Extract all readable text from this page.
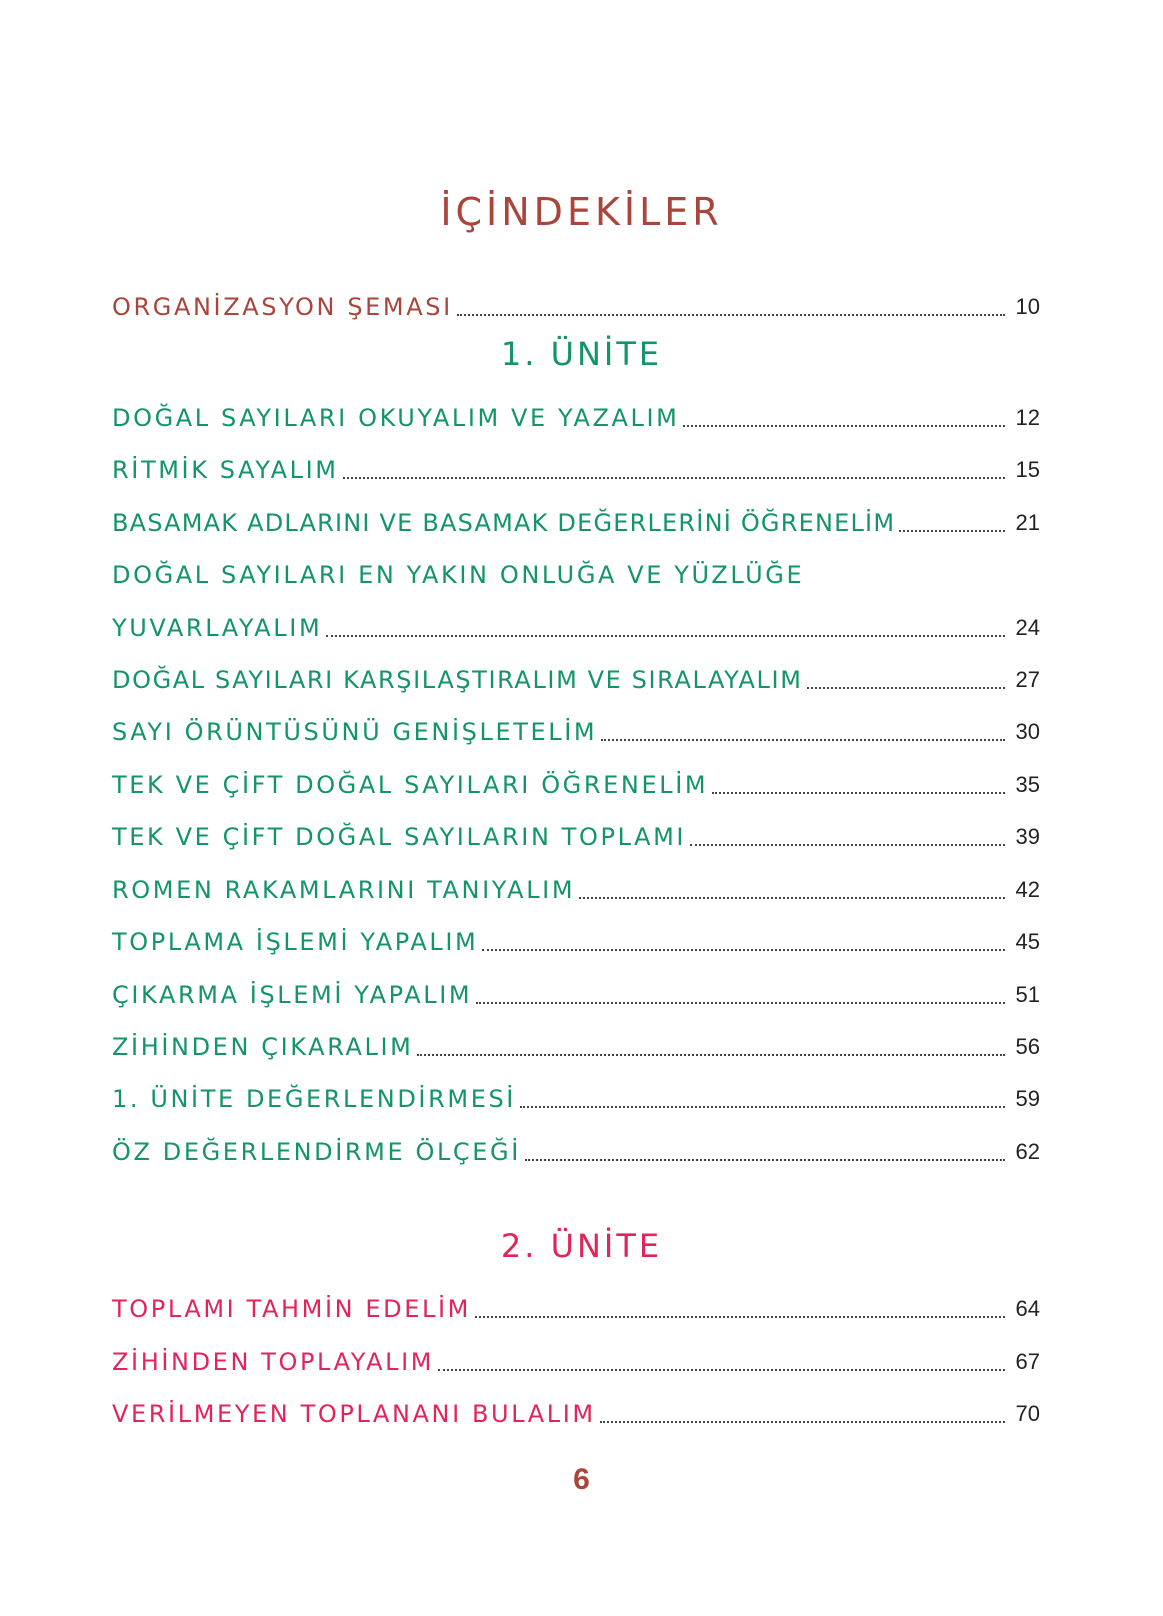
İÇİNDEKİLER
ORGANİZASYON ŞEMASI	10
DOĞAL SAYILARI OKUYALIM VE YAZALIM	12
RİTMİK SAYALIM	15
BASAMAK ADLARINI VE BASAMAK DEĞERLERİNİ ÖĞRENELİM	21
DOĞAL SAYILARI EN YAKIN ONLUĞA VE YÜZLÜĞE
YUVARLAYALIM	24
DOĞAL SAYILARI KARŞILAŞTIRALIM VE SIRALAYALIM	27
SAYI ÖRÜNTÜSÜNÜ GENİŞLETELİM	30
TEK VE ÇİFT DOĞAL SAYILARI ÖĞRENELİM	35
TEK VE ÇİFT DOĞAL SAYILARIN TOPLAMI	39
ROMEN RAKAMLARINI TANIYALIM	42
TOPLAMA İŞLEMİ YAPALIM	45
ÇIKARMA İŞLEMİ YAPALIM	51
ZİHİNDEN ÇIKARALIM	56
1. ÜNİTE DEĞERLENDİRMESİ	59
ÖZ DEĞERLENDİRME ÖLÇEĞİ	62
TOPLAMI TAHMİN EDELİM	64
ZİHİNDEN TOPLAYALIM	67
VERİLMEYEN TOPLANANI BULALIM	70
1. ÜNİTE
2. ÜNİTE
6
